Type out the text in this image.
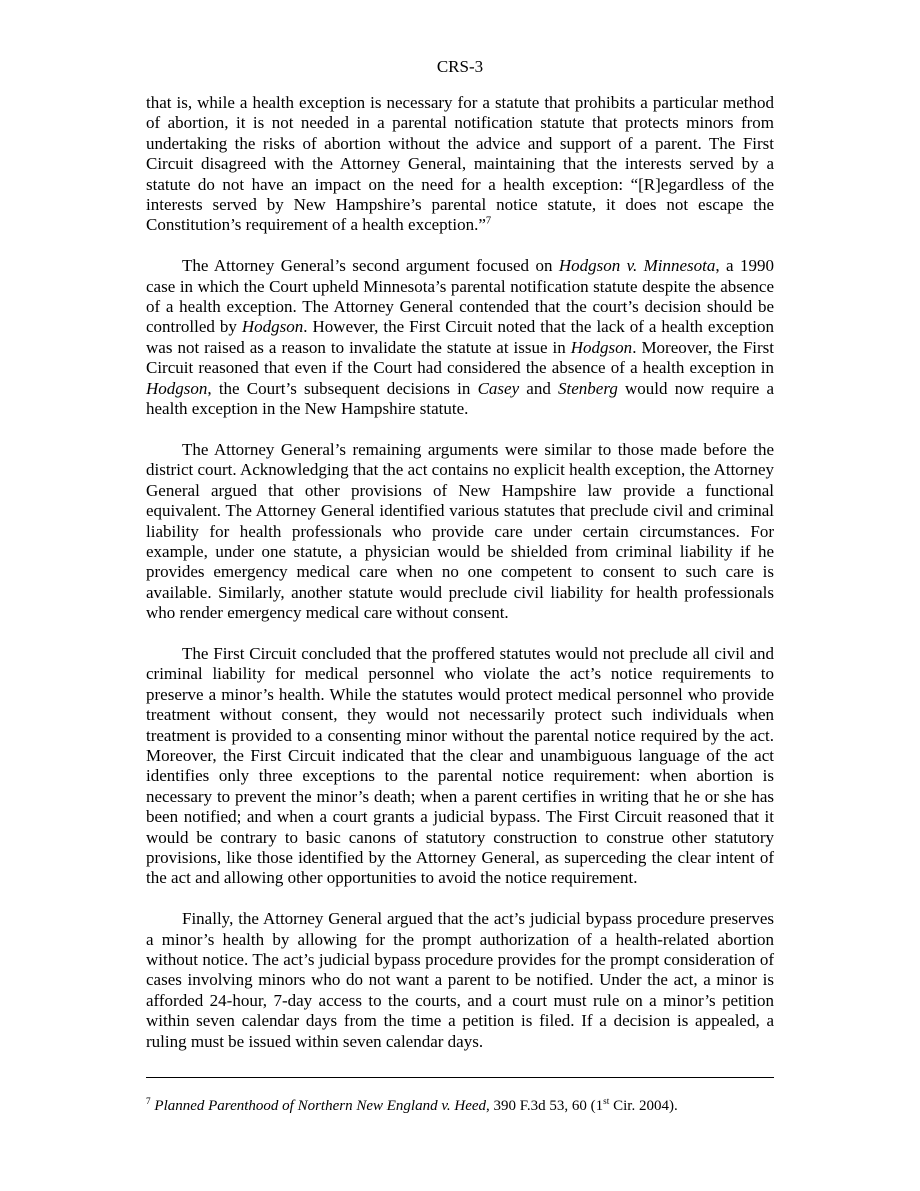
CRS-3

that is, while a health exception is necessary for a statute that prohibits a particular method of abortion, it is not needed in a parental notification statute that protects minors from undertaking the risks of abortion without the advice and support of a parent. The First Circuit disagreed with the Attorney General, maintaining that the interests served by a statute do not have an impact on the need for a health exception: “[R]egardless of the interests served by New Hampshire’s parental notice statute, it does not escape the Constitution’s requirement of a health exception.”$^7$

The Attorney General’s second argument focused on Hodgson v. Minnesota, a 1990 case in which the Court upheld Minnesota’s parental notification statute despite the absence of a health exception. The Attorney General contended that the court’s decision should be controlled by Hodgson. However, the First Circuit noted that the lack of a health exception was not raised as a reason to invalidate the statute at issue in Hodgson. Moreover, the First Circuit reasoned that even if the Court had considered the absence of a health exception in Hodgson, the Court’s subsequent decisions in Casey and Stenberg would now require a health exception in the New Hampshire statute.

The Attorney General’s remaining arguments were similar to those made before the district court. Acknowledging that the act contains no explicit health exception, the Attorney General argued that other provisions of New Hampshire law provide a functional equivalent. The Attorney General identified various statutes that preclude civil and criminal liability for health professionals who provide care under certain circumstances. For example, under one statute, a physician would be shielded from criminal liability if he provides emergency medical care when no one competent to consent to such care is available. Similarly, another statute would preclude civil liability for health professionals who render emergency medical care without consent.

The First Circuit concluded that the proffered statutes would not preclude all civil and criminal liability for medical personnel who violate the act’s notice requirements to preserve a minor’s health. While the statutes would protect medical personnel who provide treatment without consent, they would not necessarily protect such individuals when treatment is provided to a consenting minor without the parental notice required by the act. Moreover, the First Circuit indicated that the clear and unambiguous language of the act identifies only three exceptions to the parental notice requirement: when abortion is necessary to prevent the minor’s death; when a parent certifies in writing that he or she has been notified; and when a court grants a judicial bypass. The First Circuit reasoned that it would be contrary to basic canons of statutory construction to construe other statutory provisions, like those identified by the Attorney General, as superceding the clear intent of the act and allowing other opportunities to avoid the notice requirement.

Finally, the Attorney General argued that the act’s judicial bypass procedure preserves a minor’s health by allowing for the prompt authorization of a health-related abortion without notice. The act’s judicial bypass procedure provides for the prompt consideration of cases involving minors who do not want a parent to be notified. Under the act, a minor is afforded 24-hour, 7-day access to the courts, and a court must rule on a minor’s petition within seven calendar days from the time a petition is filed. If a decision is appealed, a ruling must be issued within seven calendar days.

$^7$ Planned Parenthood of Northern New England v. Heed, 390 F.3d 53, 60 (1st Cir. 2004).
